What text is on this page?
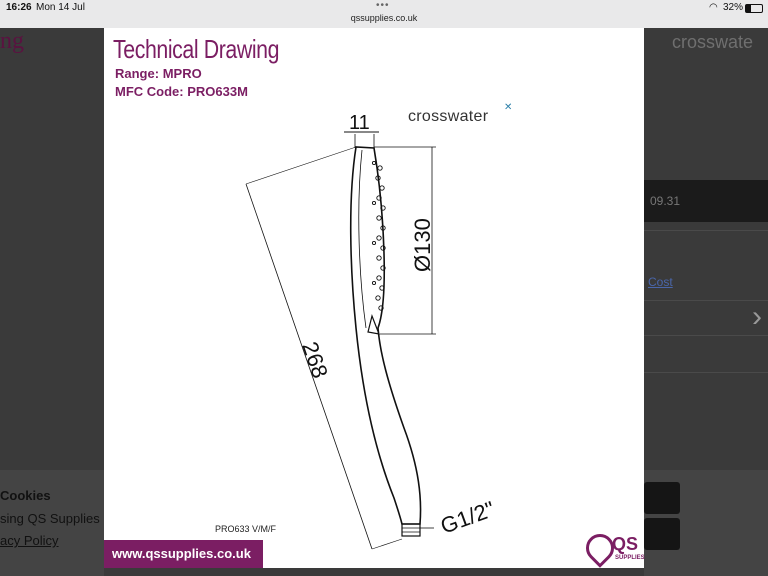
16:26 Mon 14 Jul	•••
qssupplies.co.uk
◠ 32%
ng	crosswate
09.31
Cost
›
Cookies
sing QS Supplies
acy Policy
Technical Drawing
Range: MPRO
MFC Code: PRO633M
crosswater
✕
11
Ø130
268
G1/2"
PRO633 V/M/F
www.qssupplies.co.uk	QS
SUPPLIES
